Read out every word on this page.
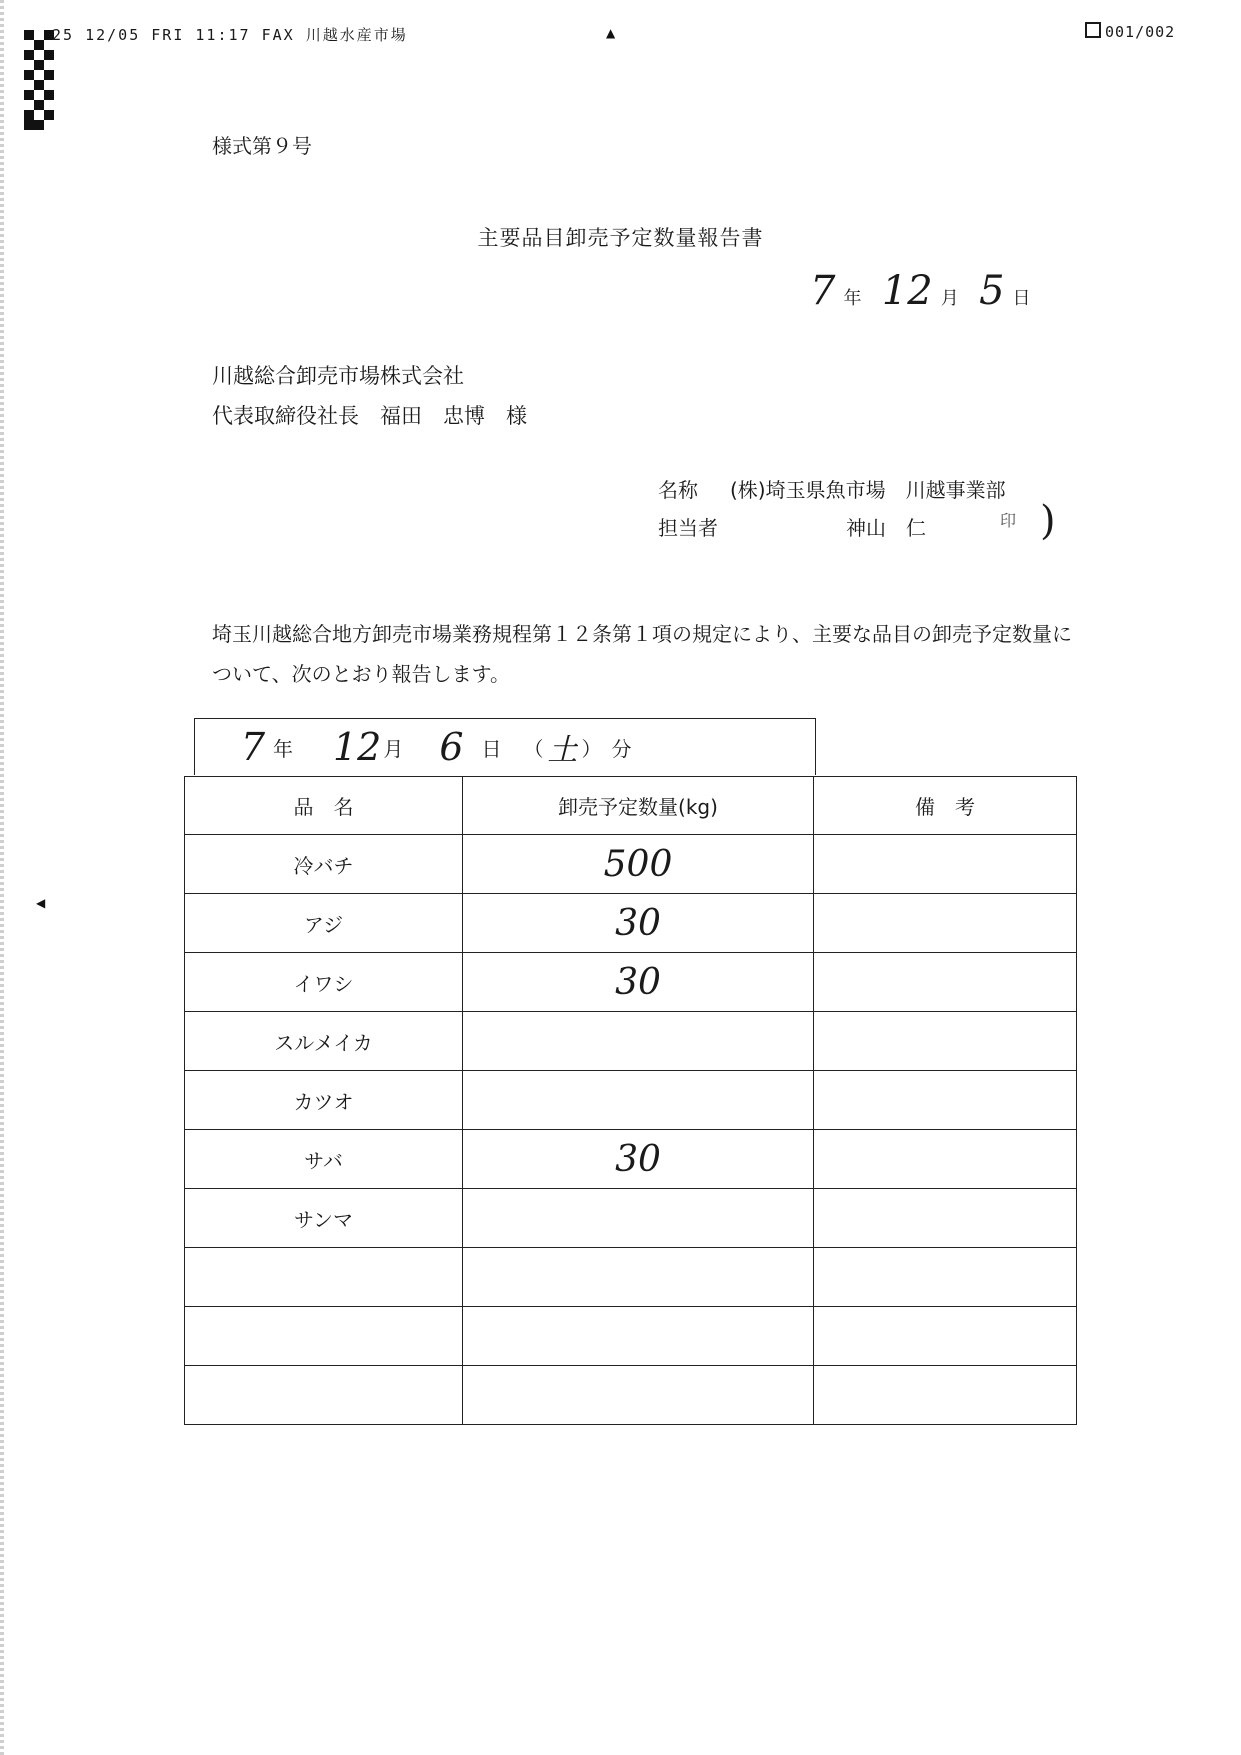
25 12/05 FRI 11:17 FAX 川越水産市場	001/002
▲
◀
様式第９号
主要品目卸売予定数量報告書
7 年 12 月 5 日
川越総合卸売市場株式会社
代表取締役社長　福田　忠博　様
名称 (株)埼玉県魚市場　川越事業部
担当者	神山　仁	印 )
埼玉川越総合地方卸売市場業務規程第１２条第１項の規定により、主要な品目の卸売予定数量について、次のとおり報告します。
7 年 12 月 6 日 （ 土 ） 分
品　名	卸売予定数量(kg)	備　考
冷バチ	500	
アジ	30	
イワシ	30	
スルメイカ		
カツオ		
サバ	30	
サンマ		
